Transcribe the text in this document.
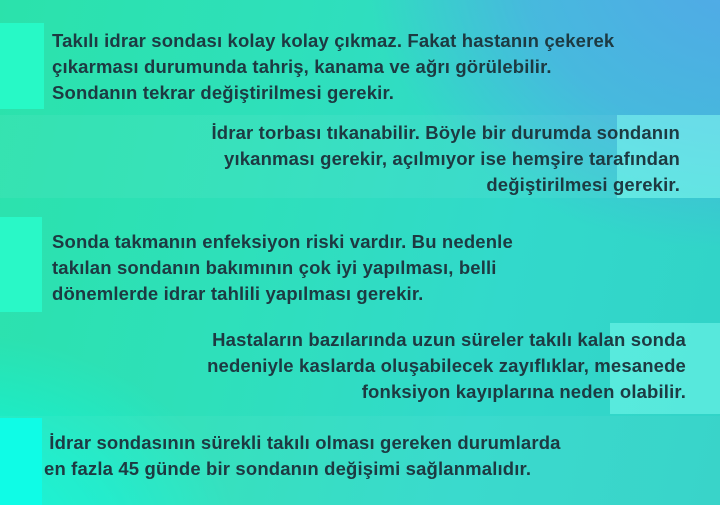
Takılı idrar sondası kolay kolay çıkmaz. Fakat hastanın çekerek
çıkarması durumunda tahriş, kanama ve ağrı görülebilir.
Sondanın tekrar değiştirilmesi gerekir.
İdrar torbası tıkanabilir. Böyle bir durumda sondanın
yıkanması gerekir, açılmıyor ise hemşire tarafından
değiştirilmesi gerekir.
Sonda takmanın enfeksiyon riski vardır. Bu nedenle
takılan sondanın bakımının çok iyi yapılması, belli
dönemlerde idrar tahlili yapılması gerekir.
Hastaların bazılarında uzun süreler takılı kalan sonda
nedeniyle kaslarda oluşabilecek zayıflıklar, mesanede
fonksiyon kayıplarına neden olabilir.
İdrar sondasının sürekli takılı olması gereken durumlarda
en fazla 45 günde bir sondanın değişimi sağlanmalıdır.
